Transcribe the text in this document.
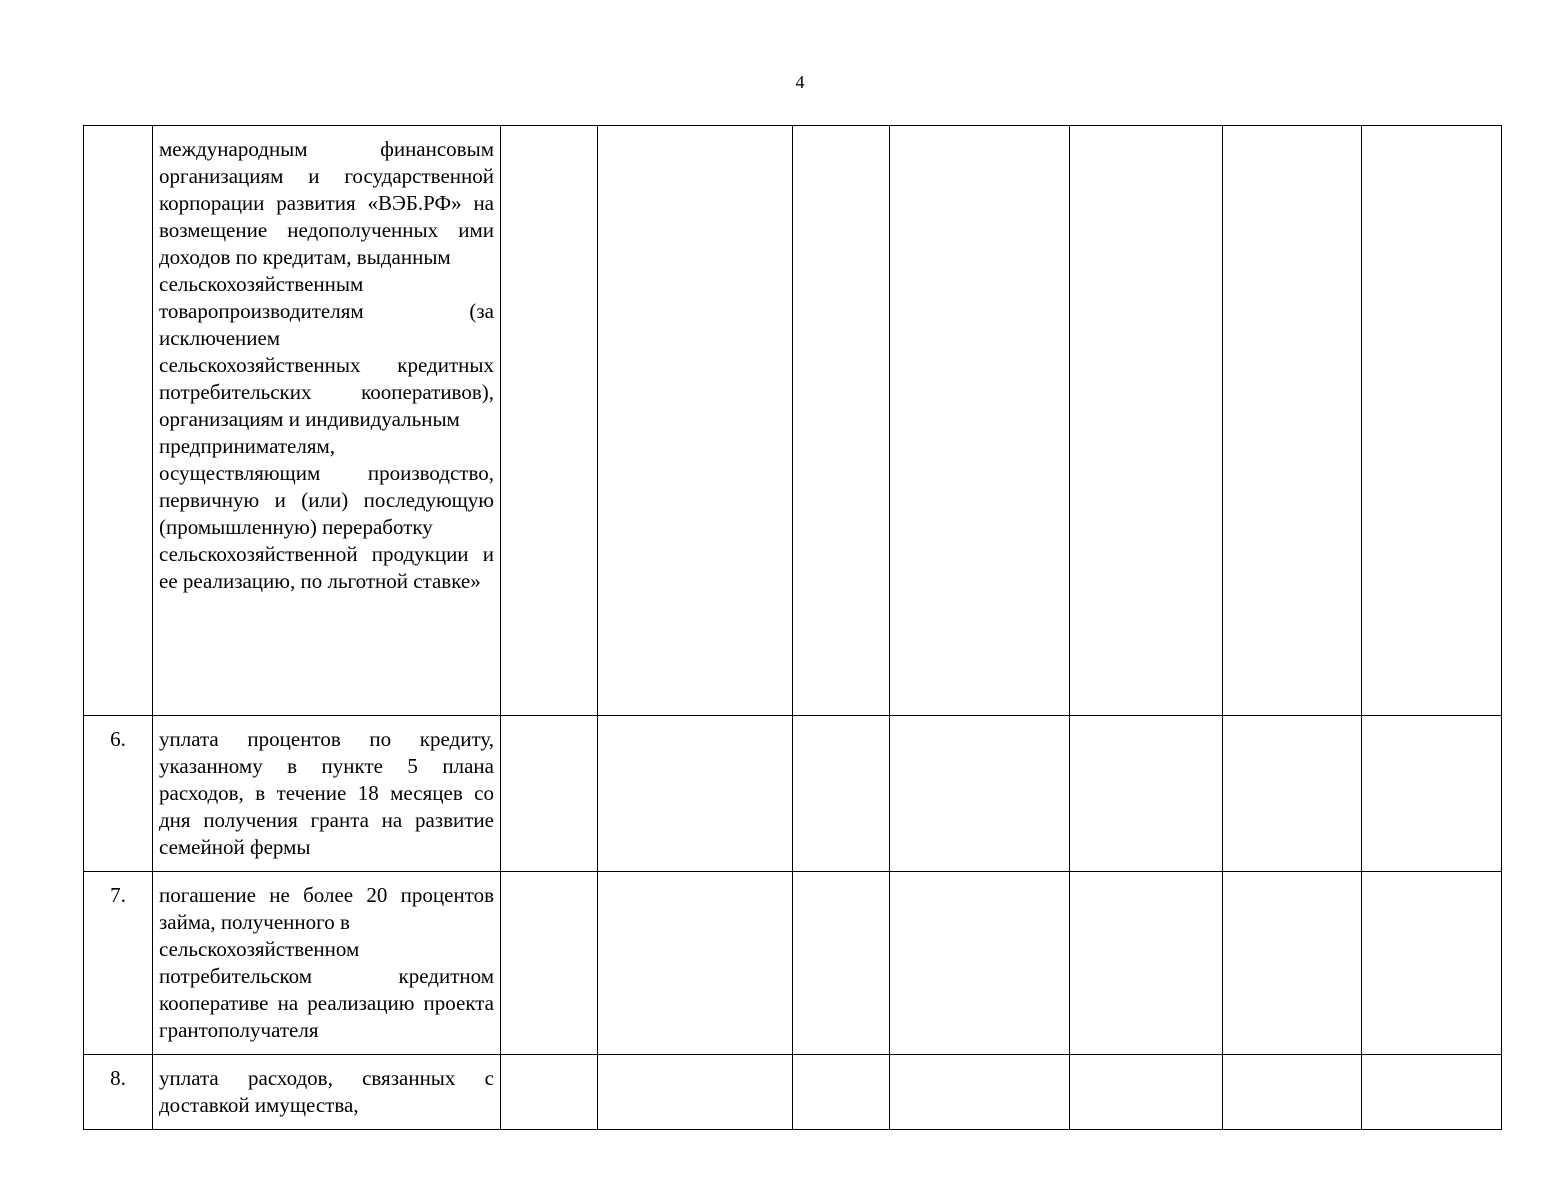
4

	международным финансовым организациям и государственной корпорации развития «ВЭБ.РФ» на возмещение недополученных ими доходов по кредитам, выданным
сельскохозяйственным товаропроизводителям (за исключением
сельскохозяйственных кредитных потребительских кооперативов), организациям и индивидуальным
предпринимателям, осуществляющим производство, первичную и (или) последующую (промышленную) переработку
сельскохозяйственной продукции и ее реализацию, по льготной ставке»							

6.	уплата процентов по кредиту, указанному в пункте 5 плана расходов, в течение 18 месяцев со дня получения гранта на развитие семейной фермы							

7.	погашение не более 20 процентов займа, полученного в
сельскохозяйственном потребительском кредитном кооперативе на реализацию проекта грантополучателя							

8.	уплата расходов, связанных с доставкой имущества,							
